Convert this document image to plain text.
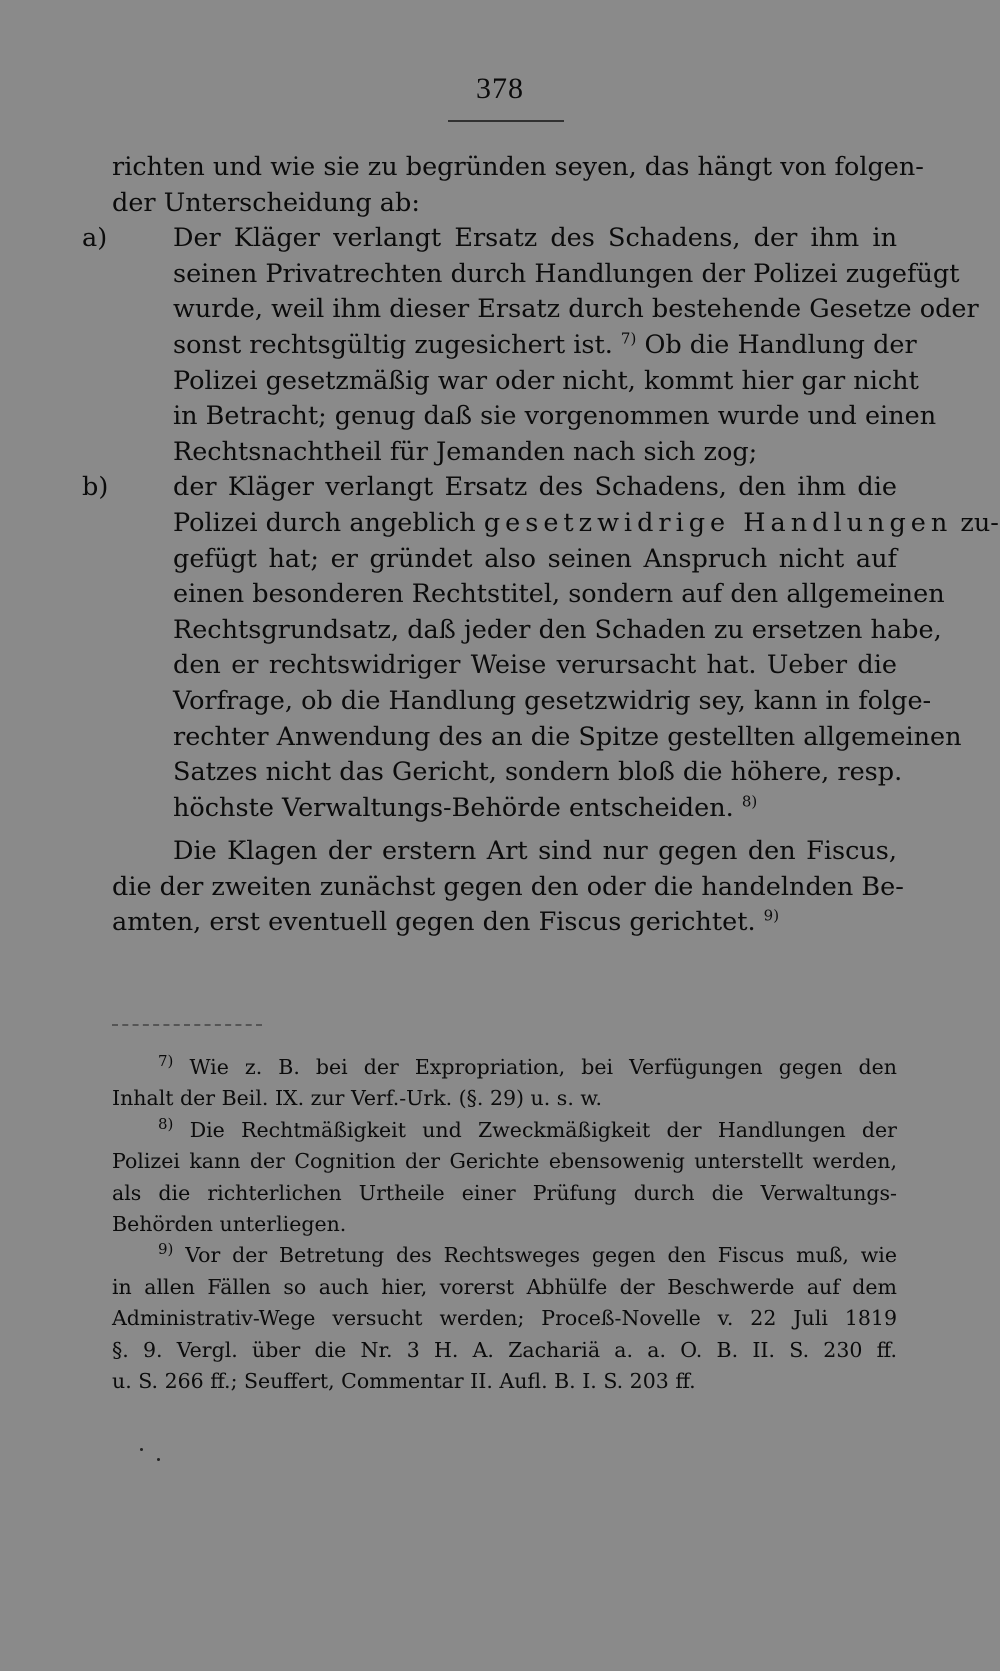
378
richten und wie sie zu begründen seyen, das hängt von folgen-
der Unterscheidung ab:
a)	Der Kläger verlangt Ersatz des Schadens, der ihm in
seinen Privatrechten durch Handlungen der Polizei zugefügt
wurde, weil ihm dieser Ersatz durch bestehende Gesetze oder
sonst rechtsgültig zugesichert ist. $^{7)}$ Ob die Handlung der
Polizei gesetzmäßig war oder nicht, kommt hier gar nicht
in Betracht; genug daß sie vorgenommen wurde und einen
Rechtsnachtheil für Jemanden nach sich zog;
b)	der Kläger verlangt Ersatz des Schadens, den ihm die
Polizei durch angeblich gesetzwidrige Handlungen zu-
gefügt hat; er gründet also seinen Anspruch nicht auf
einen besonderen Rechtstitel, sondern auf den allgemeinen
Rechtsgrundsatz, daß jeder den Schaden zu ersetzen habe,
den er rechtswidriger Weise verursacht hat. Ueber die
Vorfrage, ob die Handlung gesetzwidrig sey, kann in folge-
rechter Anwendung des an die Spitze gestellten allgemeinen
Satzes nicht das Gericht, sondern bloß die höhere, resp.
höchste Verwaltungs-Behörde entscheiden. $^{8)}$
Die Klagen der erstern Art sind nur gegen den Fiscus,
die der zweiten zunächst gegen den oder die handelnden Be-
amten, erst eventuell gegen den Fiscus gerichtet. $^{9)}$
$^{7)}$ Wie z. B. bei der Expropriation, bei Verfügungen gegen den
Inhalt der Beil. IX. zur Verf.-Urk. (§. 29) u. s. w.
$^{8)}$ Die Rechtmäßigkeit und Zweckmäßigkeit der Handlungen der
Polizei kann der Cognition der Gerichte ebensowenig unterstellt werden,
als die richterlichen Urtheile einer Prüfung durch die Verwaltungs-
Behörden unterliegen.
$^{9)}$ Vor der Betretung des Rechtsweges gegen den Fiscus muß, wie
in allen Fällen so auch hier, vorerst Abhülfe der Beschwerde auf dem
Administrativ-Wege versucht werden; Proceß-Novelle v. 22 Juli 1819
§. 9. Vergl. über die Nr. 3 H. A. Zachariä a. a. O. B. II. S. 230 ff.
u. S. 266 ff.; Seuffert, Commentar II. Aufl. B. I. S. 203 ff.
